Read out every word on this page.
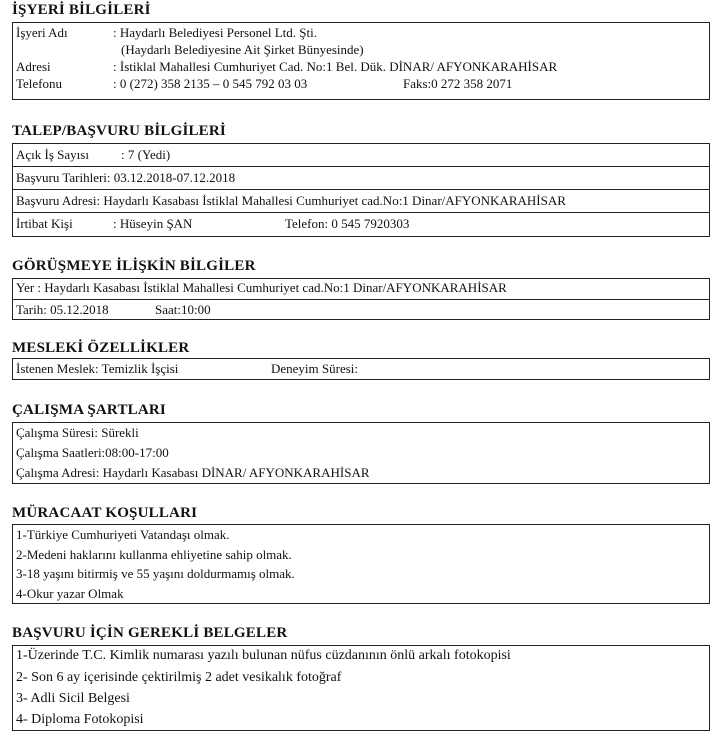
İŞYERİ BİLGİLERİ
İşyeri Adı	: Haydarlı Belediyesi Personel Ltd. Şti.
(Haydarlı Belediyesine Ait Şirket Bünyesinde)
Adresi	: İstiklal Mahallesi Cumhuriyet Cad. No:1 Bel. Dük. DİNAR/ AFYONKARAHİSAR
Telefonu	: 0 (272) 358 2135 – 0 545 792 03 03	Faks:0 272 358 2071
TALEP/BAŞVURU BİLGİLERİ
Açık İş Sayısı : 7 (Yedi)
Başvuru Tarihleri: 03.12.2018-07.12.2018
Başvuru Adresi: Haydarlı Kasabası İstiklal Mahallesi Cumhuriyet cad.No:1 Dinar/AFYONKARAHİSAR
İrtibat Kişi	: Hüseyin ŞAN	Telefon: 0 545 7920303
GÖRÜŞMEYE İLİŞKİN BİLGİLER
Yer : Haydarlı Kasabası İstiklal Mahallesi Cumhuriyet cad.No:1 Dinar/AFYONKARAHİSAR
Tarih: 05.12.2018	Saat:10:00
MESLEKİ ÖZELLİKLER
İstenen Meslek: Temizlik İşçisi	Deneyim Süresi:
ÇALIŞMA ŞARTLARI
Çalışma Süresi: Sürekli
Çalışma Saatleri:08:00-17:00
Çalışma Adresi: Haydarlı Kasabası DİNAR/ AFYONKARAHİSAR
MÜRACAAT KOŞULLARI
1-Türkiye Cumhuriyeti Vatandaşı olmak.
2-Medeni haklarını kullanma ehliyetine sahip olmak.
3-18 yaşını bitirmiş ve 55 yaşını doldurmamış olmak.
4-Okur yazar Olmak
BAŞVURU İÇİN GEREKLİ BELGELER
1-Üzerinde T.C. Kimlik numarası yazılı bulunan nüfus cüzdanının önlü arkalı fotokopisi
2- Son 6 ay içerisinde çektirilmiş 2 adet vesikalık fotoğraf
3- Adli Sicil Belgesi
4- Diploma Fotokopisi
